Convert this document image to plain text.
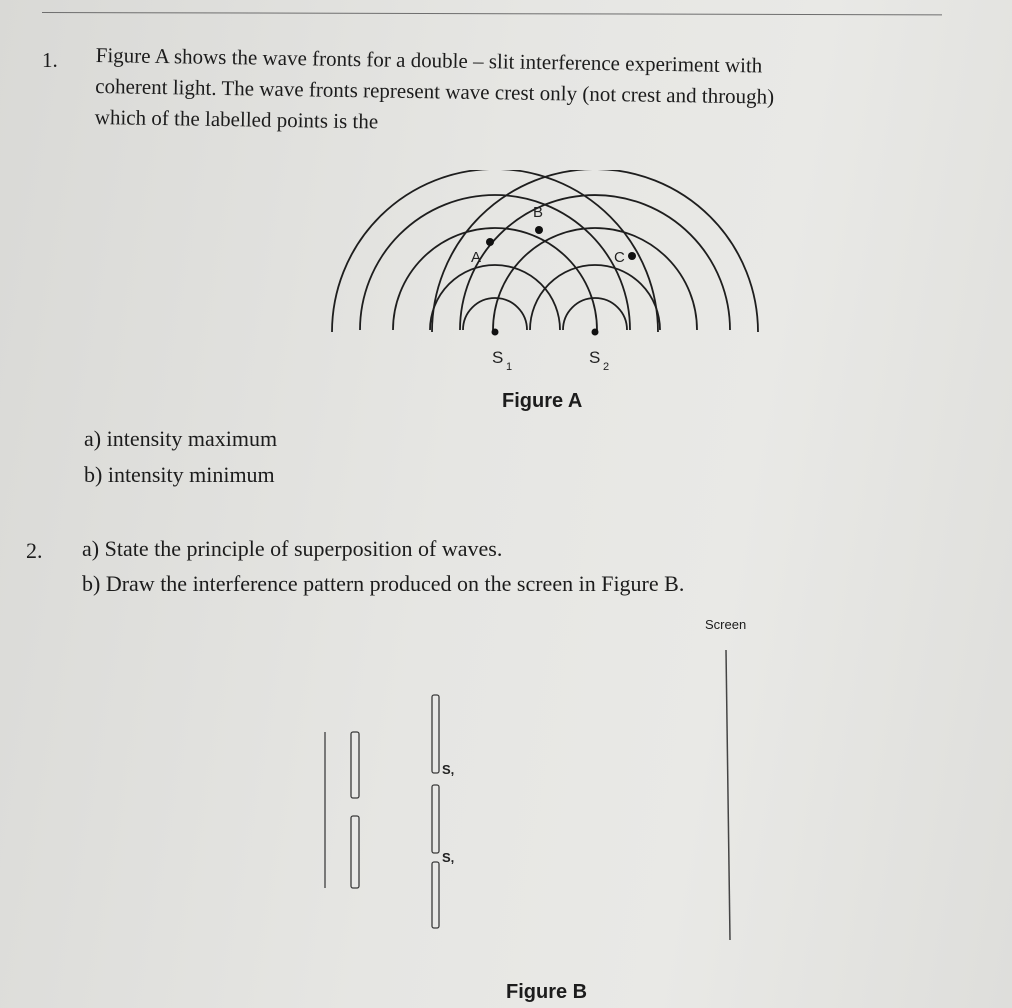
1. Figure A shows the wave fronts for a double – slit interference experiment with
coherent light. The wave fronts represent wave crest only (not crest and through)
which of the labelled points is the
A
B
C
S 1	S 2
Figure A
a) intensity maximum
b) intensity minimum
2. a) State the principle of superposition of waves.
b) Draw the interference pattern produced on the screen in Figure B.
Screen
S,
S,
Figure B
